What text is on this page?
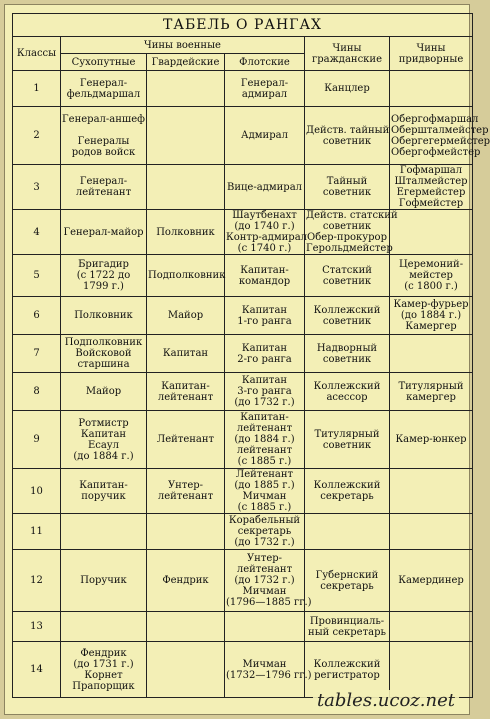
ТАБЕЛЬ О РАНГАХ					
Классы	Чины военные			Чины
гражданские	Чины
придворные

	Сухопутные	Гвардейские	Флотские		
1	Генерал-
фельдмаршал		Генерал-
адмирал	Канцлер	

2	Генерал-аншеф

Генералы
родов войск		Адмирал	Действ. тайный
советник	Обергофмаршал
Обершталмейстер
Обергегермейстер
Обергофмейстер

3	Генерал-
лейтенант		Вице-адмирал	Тайный
советник	Гофмаршал
Шталмейстер
Егермейстер
Гофмейстер

4	Генерал-майор	Полковник	Шаутбенахт
(до 1740 г.)
Контр-адмирал
(с 1740 г.)	Действ. статский
советник
Обер-прокурор
Герольдмейстер	

5	Бригадир
(с 1722 до
1799 г.)	Подполковник	Капитан-
командор	Статский
советник	Церемоний-
мейстер
(с 1800 г.)

6	Полковник	Майор	Капитан
1-го ранга	Коллежский
советник	Камер-фурьер
(до 1884 г.)
Камергер

7	Подполковник
Войсковой
старшина	Капитан	Капитан
2-го ранга	Надворный
советник	

8	Майор	Капитан-
лейтенант	Капитан
3-го ранга
(до 1732 г.)	Коллежский
асессор	Титулярный
камергер

9	Ротмистр
Капитан
Есаул
(до 1884 г.)	Лейтенант	Капитан-
лейтенант
(до 1884 г.)
лейтенант
(с 1885 г.)	Титулярный
советник	Камер-юнкер

10	Капитан-
поручик	Унтер-
лейтенант	Лейтенант
(до 1885 г.)
Мичман
(с 1885 г.)	Коллежский
секретарь	

11			Корабельный
секретарь
(до 1732 г.)		

12	Поручик	Фендрик	Унтер-
лейтенант
(до 1732 г.)
Мичман
(1796—1885 гг.)	Губернский
секретарь	Камердинер

13				Провинциаль-
ный секретарь	

14	Фендрик
(до 1731 г.)
Корнет
Прапорщик		Мичман
(1732—1796 гг.)	Коллежский
регистратор	

tables.ucoz.net
